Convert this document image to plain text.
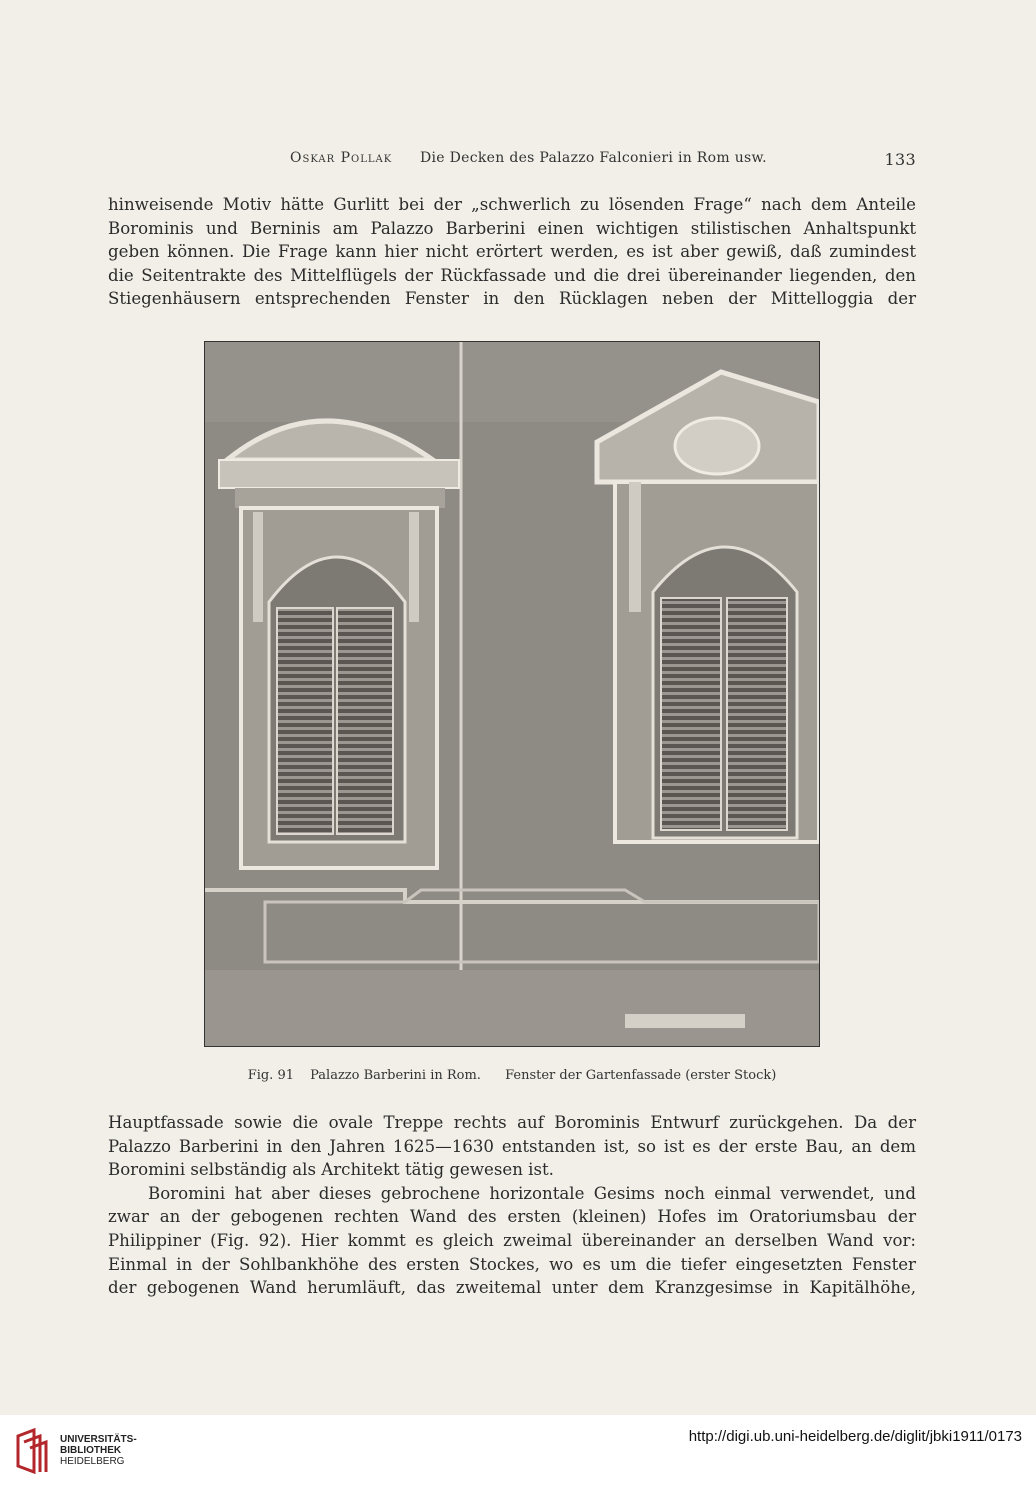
Oskar Pollak Die Decken des Palazzo Falconieri in Rom usw.	133
hinweisende Motiv hätte Gurlitt bei der „schwerlich zu lösenden Frage“ nach dem Anteile
Borominis und Berninis am Palazzo Barberini einen wichtigen stilistischen Anhaltspunkt
geben können. Die Frage kann hier nicht erörtert werden, es ist aber gewiß, daß zumindest
die Seitentrakte des Mittelflügels der Rückfassade und die drei übereinander liegenden, den
Stiegenhäusern entsprechenden Fenster in den Rücklagen neben der Mittelloggia der
Fig. 91 Palazzo Barberini in Rom. Fenster der Gartenfassade (erster Stock)
Hauptfassade sowie die ovale Treppe rechts auf Borominis Entwurf zurückgehen. Da der
Palazzo Barberini in den Jahren 1625—1630 entstanden ist, so ist es der erste Bau, an dem
Boromini selbständig als Architekt tätig gewesen ist.
Boromini hat aber dieses gebrochene horizontale Gesims noch einmal verwendet, und
zwar an der gebogenen rechten Wand des ersten (kleinen) Hofes im Oratoriumsbau der
Philippiner (Fig. 92). Hier kommt es gleich zweimal übereinander an derselben Wand vor:
Einmal in der Sohlbankhöhe des ersten Stockes, wo es um die tiefer eingesetzten Fenster
der gebogenen Wand herumläuft, das zweitemal unter dem Kranzgesimse in Kapitälhöhe,
UNIVERSITÄTS-
BIBLIOTHEK
HEIDELBERG
http://digi.ub.uni-heidelberg.de/diglit/jbki1911/0173
